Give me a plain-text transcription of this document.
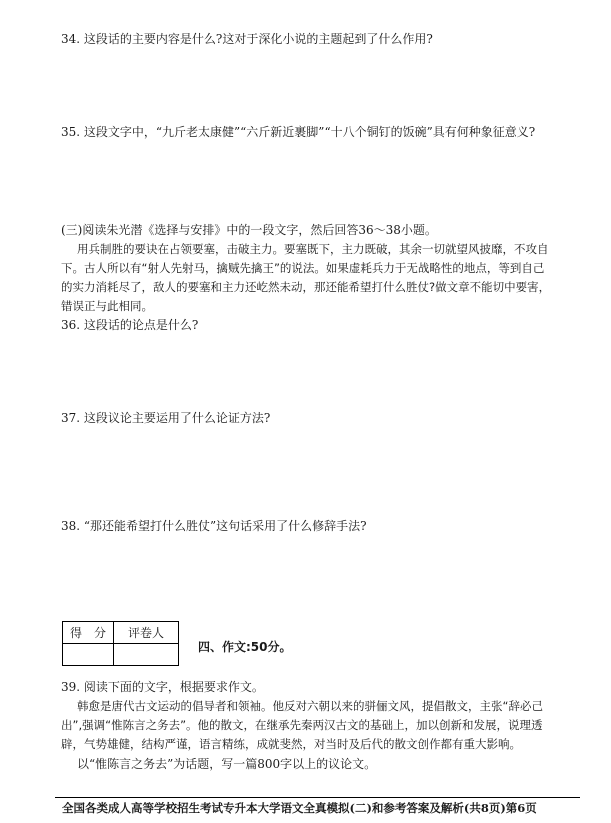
34. 这段话的主要内容是什么?这对于深化小说的主题起到了什么作用?
35. 这段文字中，“九斤老太康健”“六斤新近裹脚”“十八个铜钉的饭碗”具有何种象征意义?
(三)阅读朱光潜《选择与安排》中的一段文字，然后回答36～38小题。
用兵制胜的要诀在占领要塞，击破主力。要塞既下，主力既破，其余一切就望风披靡，不攻自
下。古人所以有“射人先射马，擒贼先擒王”的说法。如果虚耗兵力于无战略性的地点，等到自己
的实力消耗尽了，敌人的要塞和主力还屹然未动，那还能希望打什么胜仗?做文章不能切中要害，
错误正与此相同。
36. 这段话的论点是什么?
37. 这段议论主要运用了什么论证方法?
38. “那还能希望打什么胜仗”这句话采用了什么修辞手法?
得　分	评卷人

四、作文:50分。
39. 阅读下面的文字，根据要求作文。
韩愈是唐代古文运动的倡导者和领袖。他反对六朝以来的骈俪文风，提倡散文，主张“辞必己
出”,强调“惟陈言之务去”。他的散文，在继承先秦两汉古文的基础上，加以创新和发展，说理透
辟，气势雄健，结构严谨，语言精练，成就斐然，对当时及后代的散文创作都有重大影响。
以“惟陈言之务去”为话题，写一篇800字以上的议论文。
全国各类成人高等学校招生考试专升本大学语文全真模拟(二)和参考答案及解析(共8页)第6页
